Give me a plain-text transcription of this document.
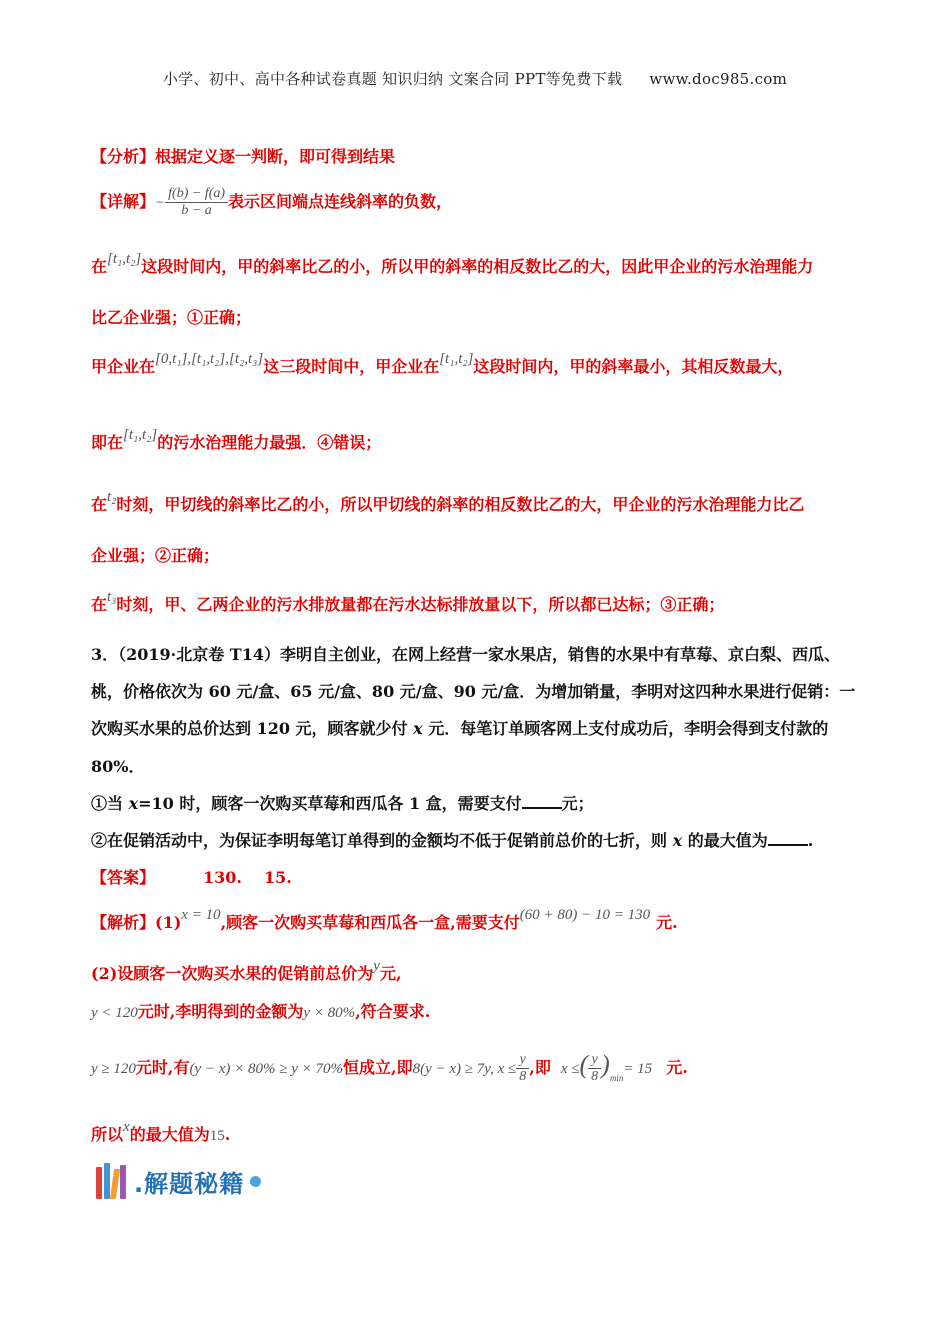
小学、初中、高中各种试卷真题 知识归纳 文案合同 PPT等免费下载 www.doc985.com
【分析】根据定义逐一判断，即可得到结果
【详解】− $\frac{f(b) - f(a)}{b - a}$ 表示区间端点连线斜率的负数，
在[t₁,t₂]这段时间内，甲的斜率比乙的小，所以甲的斜率的相反数比乙的大，因此甲企业的污水治理能力
比乙企业强；①正确；
甲企业在[0,t₁],[t₁,t₂],[t₂,t₃]这三段时间中，甲企业在[t₁,t₂]这段时间内，甲的斜率最小，其相反数最大，
即在[t₁,t₂]的污水治理能力最强．④错误；
在t₂时刻，甲切线的斜率比乙的小，所以甲切线的斜率的相反数比乙的大，甲企业的污水治理能力比乙
企业强；②正确；
在t₃时刻，甲、乙两企业的污水排放量都在污水达标排放量以下，所以都已达标；③正确；
3．（2019·北京卷 T14）李明自主创业，在网上经营一家水果店，销售的水果中有草莓、京白梨、西瓜、
桃，价格依次为 60 元/盒、65 元/盒、80 元/盒、90 元/盒．为增加销量，李明对这四种水果进行促销：一
次购买水果的总价达到 120 元，顾客就少付 x 元．每笔订单顾客网上支付成功后，李明会得到支付款的
80%．
①当 x=10 时，顾客一次购买草莓和西瓜各 1 盒，需要支付	元；
②在促销活动中，为保证李明每笔订单得到的金额均不低于促销前总价的七折，则 x 的最大值为	.
【答案】	130. 15.
【解析】(1)x = 10,顾客一次购买草莓和西瓜各一盒,需要支付(60 + 80) − 10 = 130 元.
(2)设顾客一次购买水果的促销前总价为y元,
y < 120元时,李明得到的金额为y × 80%,符合要求.
y ≥ 120元时,有(y − x) × 80% ≥ y × 70%恒成立,即8(y − x) ≥ 7y, $x \le \frac{y}{8}$ ,即 x ≤( $\frac{y}{8} )_{min}= 15$ 元.
所以x的最大值为15.
.解题秘籍
